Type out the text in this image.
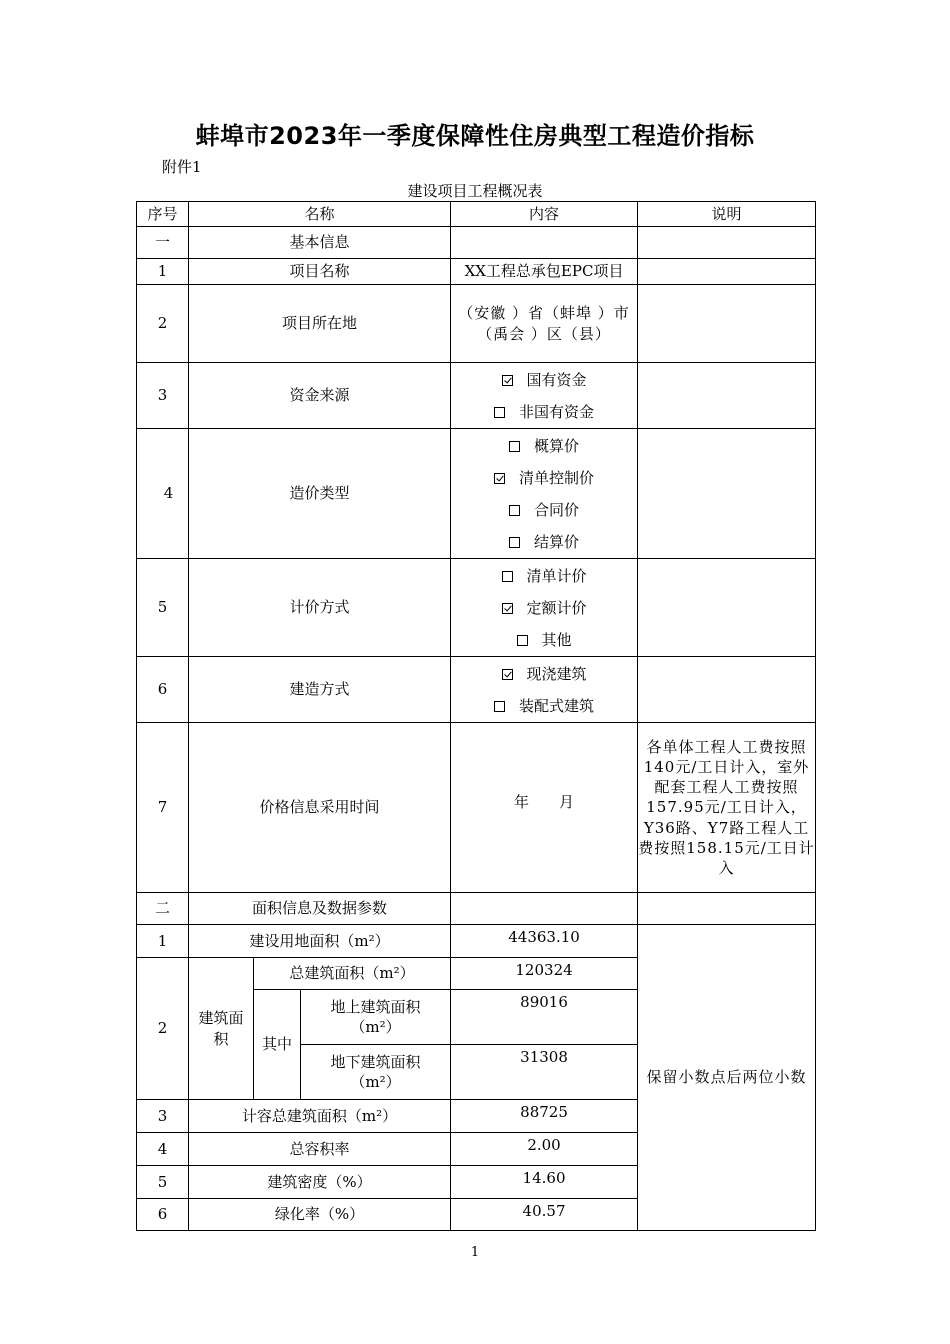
蚌埠市2023年一季度保障性住房典型工程造价指标
附件1
建设项目工程概况表
序号	名称			内容	说明
一	基本信息				
1	项目名称			XX工程总承包EPC项目	
2	项目所在地			（安徽 ）省（蚌埠 ）市（禹会 ）区（县）	
3	资金来源			国有资金
非国有资金	

4	造价类型			概算价
清单控制价
合同价
结算价	

5	计价方式			清单计价
定额计价
其他	

6	建造方式			现浇建筑
装配式建筑	

7	价格信息采用时间			年　　月	各单体工程人工费按照140元/工日计入，室外配套工程人工费按照157.95元/工日计入，Y36路、Y7路工程人工费按照158.15元/工日计入
二	面积信息及数据参数				
1	建设用地面积（m²）			44363.10	保留小数点后两位小数
2	建筑面积	总建筑面积（m²）		120324	
		其中	地上建筑面积（m²）	89016	
			地下建筑面积（m²）	31308	
3	计容总建筑面积（m²）			88725	
4	总容积率			2.00	
5	建筑密度（%）			14.60	
6	绿化率（%）			40.57	
1
